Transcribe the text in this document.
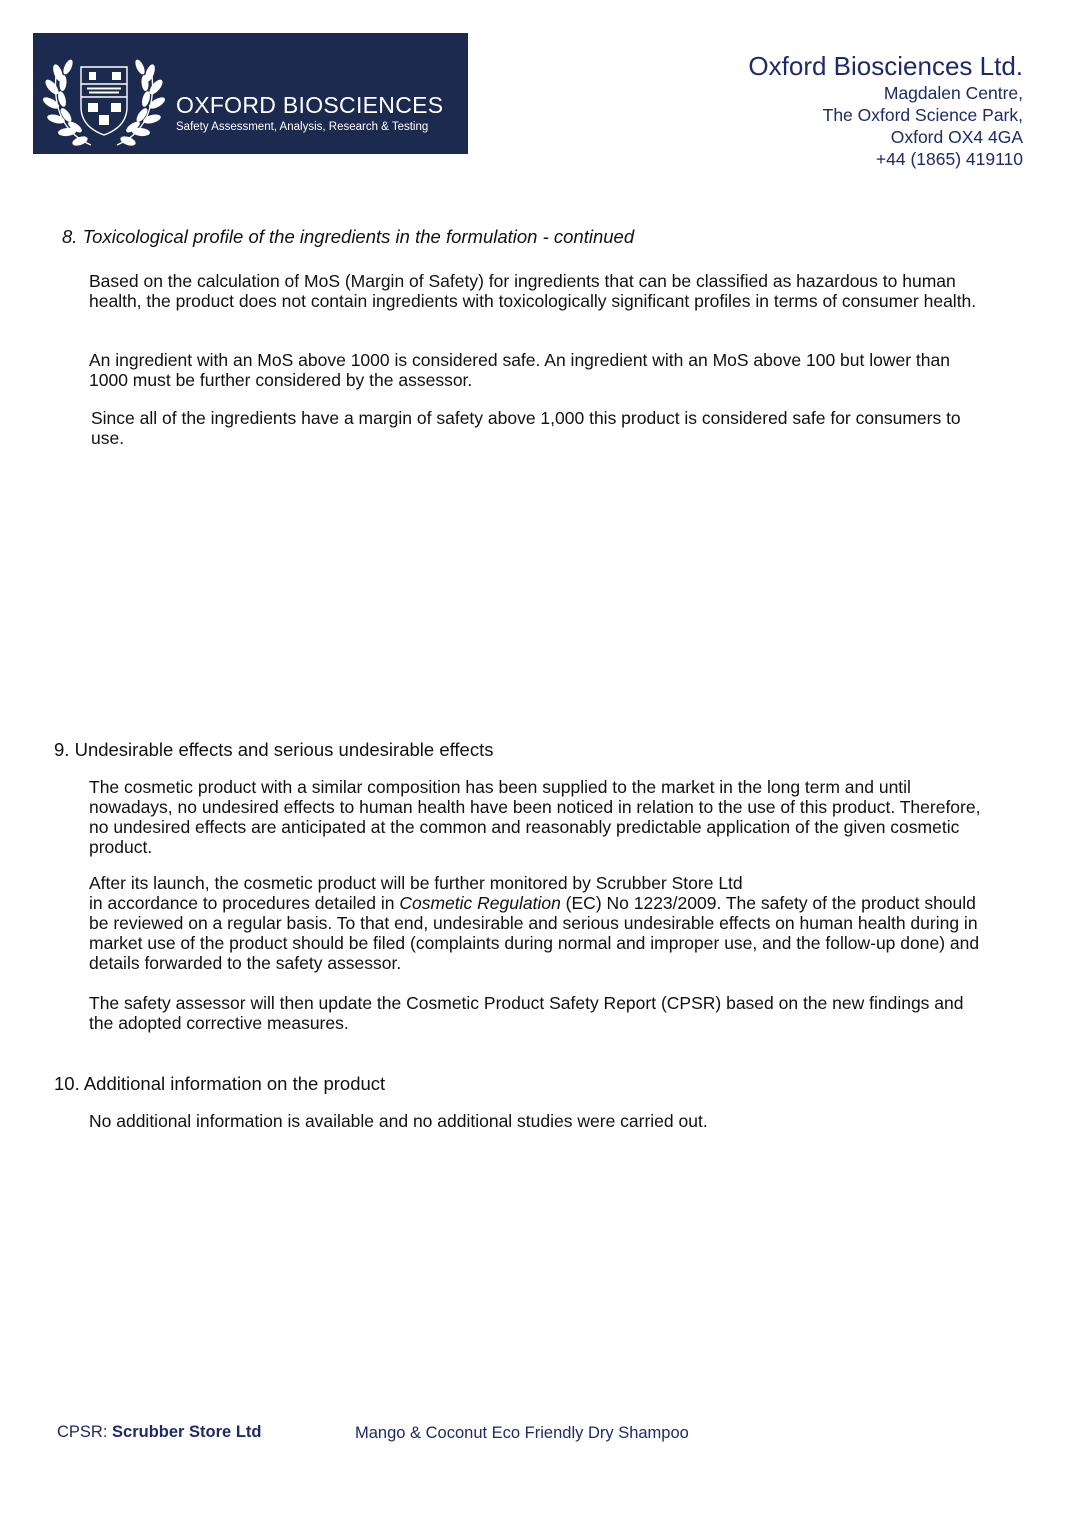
OXFORD BIOSCIENCES
Safety Assessment, Analysis, Research & Testing
Oxford Biosciences Ltd.
Magdalen Centre,
The Oxford Science Park,
Oxford OX4 4GA
+44 (1865) 419110
8. Toxicological profile of the ingredients in the formulation - continued

Based on the calculation of MoS (Margin of Safety) for ingredients that can be classified as hazardous to human health, the product does not contain ingredients with toxicologically significant profiles in terms of consumer health.

An ingredient with an MoS above 1000 is considered safe. An ingredient with an MoS above 100 but lower than 1000 must be further considered by the assessor.

Since all of the ingredients have a margin of safety above 1,000 this product is considered safe for consumers to use.

9. Undesirable effects and serious undesirable effects

The cosmetic product with a similar composition has been supplied to the market in the long term and until nowadays, no undesired effects to human health have been noticed in relation to the use of this product. Therefore, no undesired effects are anticipated at the common and reasonably predictable application of the given cosmetic product.

After its launch, the cosmetic product will be further monitored by Scrubber Store Ltd
in accordance to procedures detailed in Cosmetic Regulation (EC) No 1223/2009. The safety of the product should be reviewed on a regular basis. To that end, undesirable and serious undesirable effects on human health during in market use of the product should be filed (complaints during normal and improper use, and the follow-up done) and details forwarded to the safety assessor.

The safety assessor will then update the Cosmetic Product Safety Report (CPSR) based on the new findings and the adopted corrective measures.

10. Additional information on the product

No additional information is available and no additional studies were carried out.

CPSR: Scrubber Store Ltd	Mango & Coconut Eco Friendly Dry Shampoo
